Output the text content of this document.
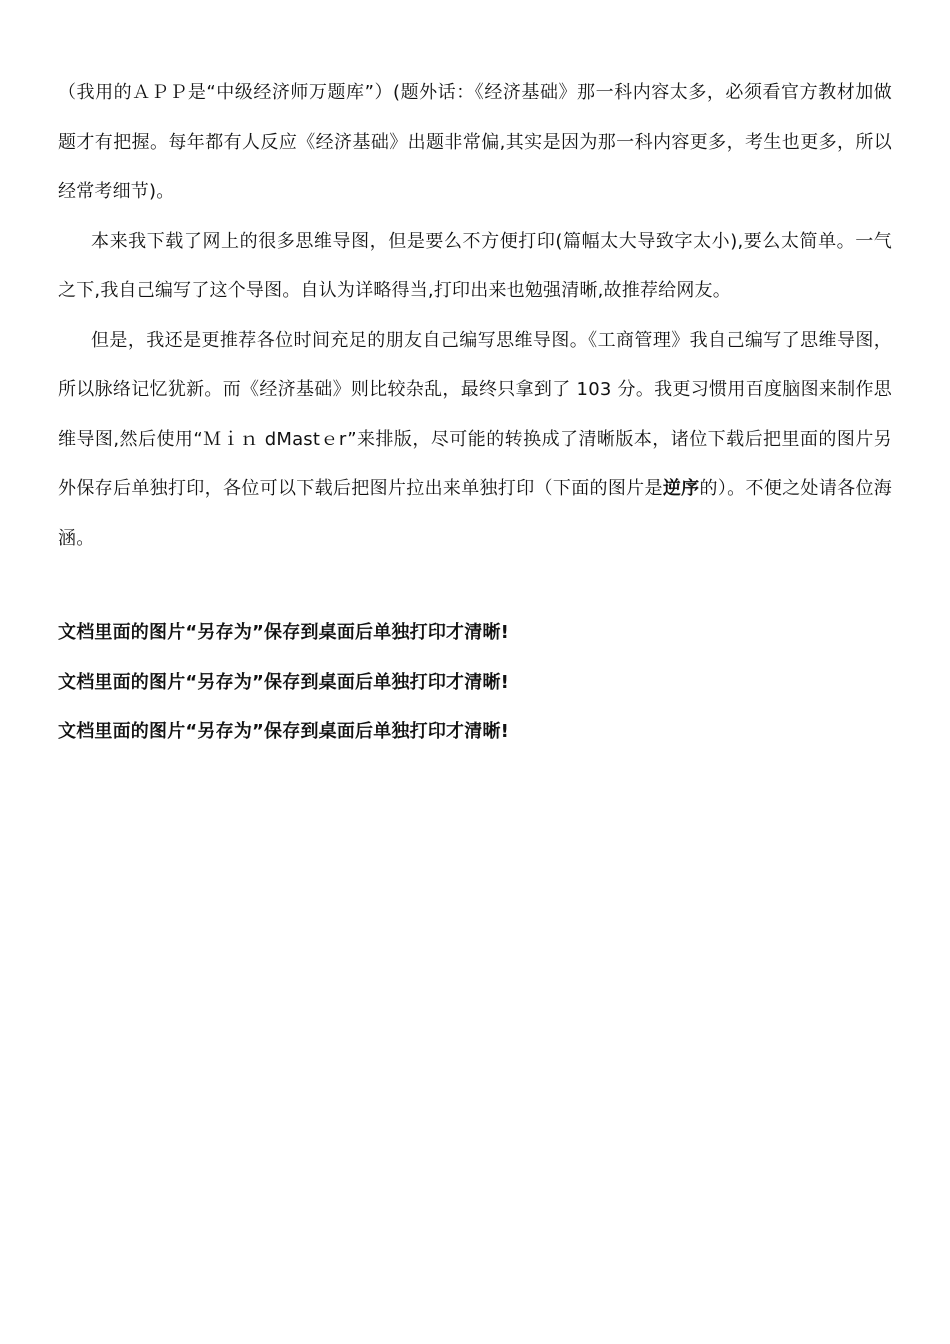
（我用的ＡＰＰ是“中级经济师万题库”）(题外话：《经济基础》那一科内容太多，必须看官方教材加做题才有把握。每年都有人反应《经济基础》出题非常偏,其实是因为那一科内容更多，考生也更多，所以经常考细节)。

本来我下载了网上的很多思维导图，但是要么不方便打印(篇幅太大导致字太小),要么太简单。一气之下,我自己编写了这个导图。自认为详略得当,打印出来也勉强清晰,故推荐给网友。

但是，我还是更推荐各位时间充足的朋友自己编写思维导图。《工商管理》我自己编写了思维导图，所以脉络记忆犹新。而《经济基础》则比较杂乱，最终只拿到了 103 分。我更习惯用百度脑图来制作思维导图,然后使用“Ｍｉｎ dMastｅr”来排版，尽可能的转换成了清晰版本，诸位下载后把里面的图片另外保存后单独打印，各位可以下载后把图片拉出来单独打印（下面的图片是逆序的）。不便之处请各位海涵。

文档里面的图片“另存为”保存到桌面后单独打印才清晰!

文档里面的图片“另存为”保存到桌面后单独打印才清晰!

文档里面的图片“另存为”保存到桌面后单独打印才清晰!
